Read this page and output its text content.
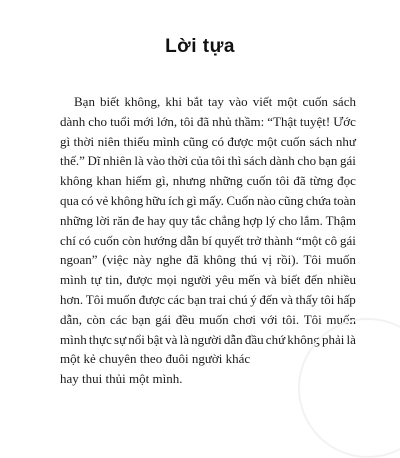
Lời tựa
Bạn biết không, khi bắt tay vào viết một cuốn sách
dành cho tuổi mới lớn, tôi đã nhủ thầm: “Thật tuyệt! Ước
gì thời niên thiếu mình cũng có được một cuốn sách như
thế.” Dĩ nhiên là vào thời của tôi thì sách dành cho bạn gái
không khan hiếm gì, nhưng những cuốn tôi đã từng đọc
qua có vẻ không hữu ích gì mấy. Cuốn nào cũng chứa toàn
những lời răn đe hay quy tắc chẳng hợp lý cho lắm. Thậm
chí có cuốn còn hướng dẫn bí quyết trở thành “một cô gái
ngoan” (việc này nghe đã không thú vị rồi). Tôi muốn
mình tự tin, được mọi người yêu mến và biết đến nhiều
hơn. Tôi muốn được các bạn trai chú ý đến và thấy tôi hấp
dẫn, còn các bạn gái đều muốn chơi với tôi. Tôi muốn
mình thực sự nổi bật và là người dẫn đầu chứ không phải là
một kẻ chuyên theo đuôi người khác
hay thui thủi một mình.
